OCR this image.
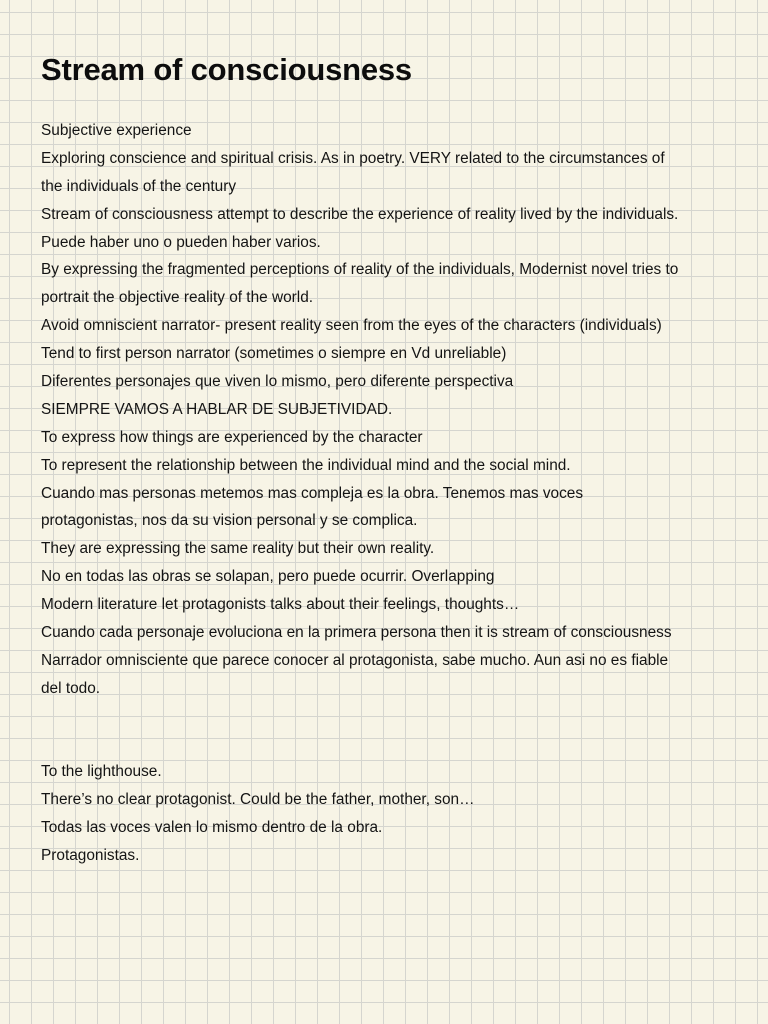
Stream of consciousness
Subjective experience
Exploring conscience and spiritual crisis. As in poetry. VERY related to the circumstances of
the individuals of the century
Stream of consciousness attempt to describe the experience of reality lived by the individuals.
Puede haber uno o pueden haber varios.
By expressing the fragmented perceptions of reality of the individuals, Modernist novel tries to
portrait the objective reality of the world.
Avoid omniscient narrator- present reality seen from the eyes of the characters (individuals)
Tend to first person narrator (sometimes o siempre en Vd unreliable)
Diferentes personajes que viven lo mismo, pero diferente perspectiva
SIEMPRE VAMOS A HABLAR DE SUBJETIVIDAD.
To express how things are experienced by the character
To represent the relationship between the individual mind and the social mind.
Cuando mas personas metemos mas compleja es la obra. Tenemos mas voces
protagonistas, nos da su vision personal y se complica.
They are expressing the same reality but their own reality.
No en todas las obras se solapan, pero puede ocurrir. Overlapping
Modern literature let protagonists talks about their feelings, thoughts…
Cuando cada personaje evoluciona en la primera persona then it is stream of consciousness
Narrador omnisciente que parece conocer al protagonista, sabe mucho. Aun asi no es fiable
del todo.
To the lighthouse.
There’s no clear protagonist. Could be the father, mother, son…
Todas las voces valen lo mismo dentro de la obra.
Protagonistas.
